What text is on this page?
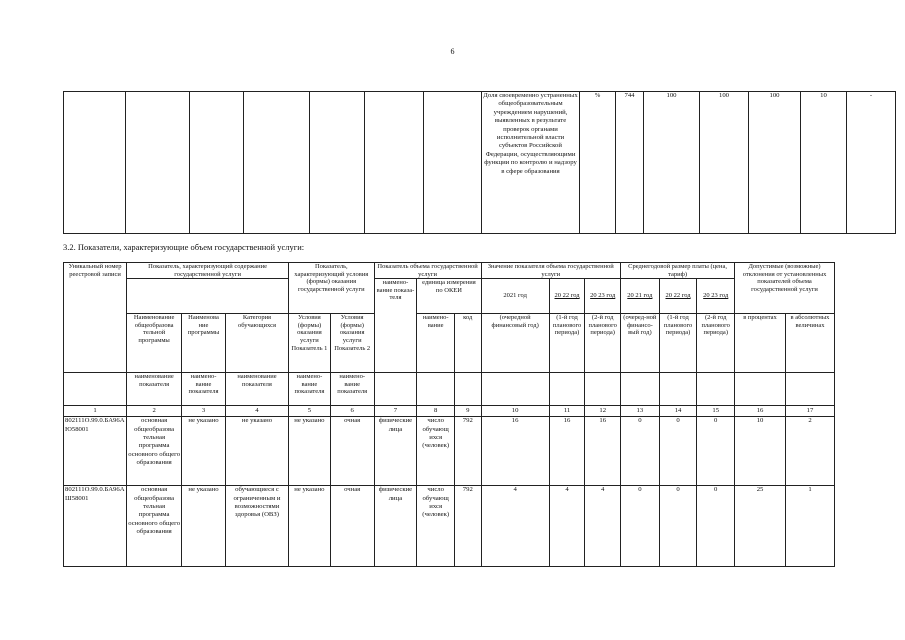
6
							Доля своевременно устраненных общеобразовательным учреждением нарушений, выявленных в результате проверок органами исполнительной власти субъектов Российской Федерации, осуществляющими функции по контролю и надзору в сфере образования	%	744	100	100	100	10	-
3.2. Показатели, характеризующие объем государственной услуги:
Уникальный номер реестровой записи	Показатель, характеризующий содержание государственной услуги			Показатель, характеризующий условия (формы) оказания государственной услуги		Показатель объема государственной услуги			Значение показателя объема государственной услуги			Среднегодовой размер платы (цена, тариф)			Допустимые (возможные) отклонения от установленных показателей объема государственной услуги	
						наимено-вание показа-теля	единица измерения по ОКЕИ		2021 год	20 22 год	20 23 год	20 21 год	20 22 год	20 23 год		
	Наименование общеобразова тельной программы	Наименова ние программы	Категория обучающихся	Условия (формы) оказания услуги Показатель 1	Условия (формы) оказания услуги Показатель 2		наимено-вание	код	(очередной финансовый год)	(1-й год планового периода)	(2-й год планового периода)	(очеред-ной финансо-вый год)	(1-й год планового периода)	(2-й год планового периода)	в процентах	в абсолютных величинах
	наименование показателя	наимено-вание показателя	наименование показателя	наимено-вание показателя	наимено-вание показателя											
1	2	3	4	5	6	7	8	9	10	11	12	13	14	15	16	17
802111О.99.0.БА96АЮ58001	основная общеобразова тельная программа основного общего образования	не указано	не указано	не указано	очная	физические лица	число обучающ ихся (человек)	792	16	16	16	0	0	0	10	2
802111О.99.0.БА96АШ58001	основная общеобразова тельная программа основного общего образования	не указано	обучающиеся с ограниченным и возможностями здоровья (ОВЗ)	не указано	очная	физические лица	число обучающ ихся (человек)	792	4	4	4	0	0	0	25	1
